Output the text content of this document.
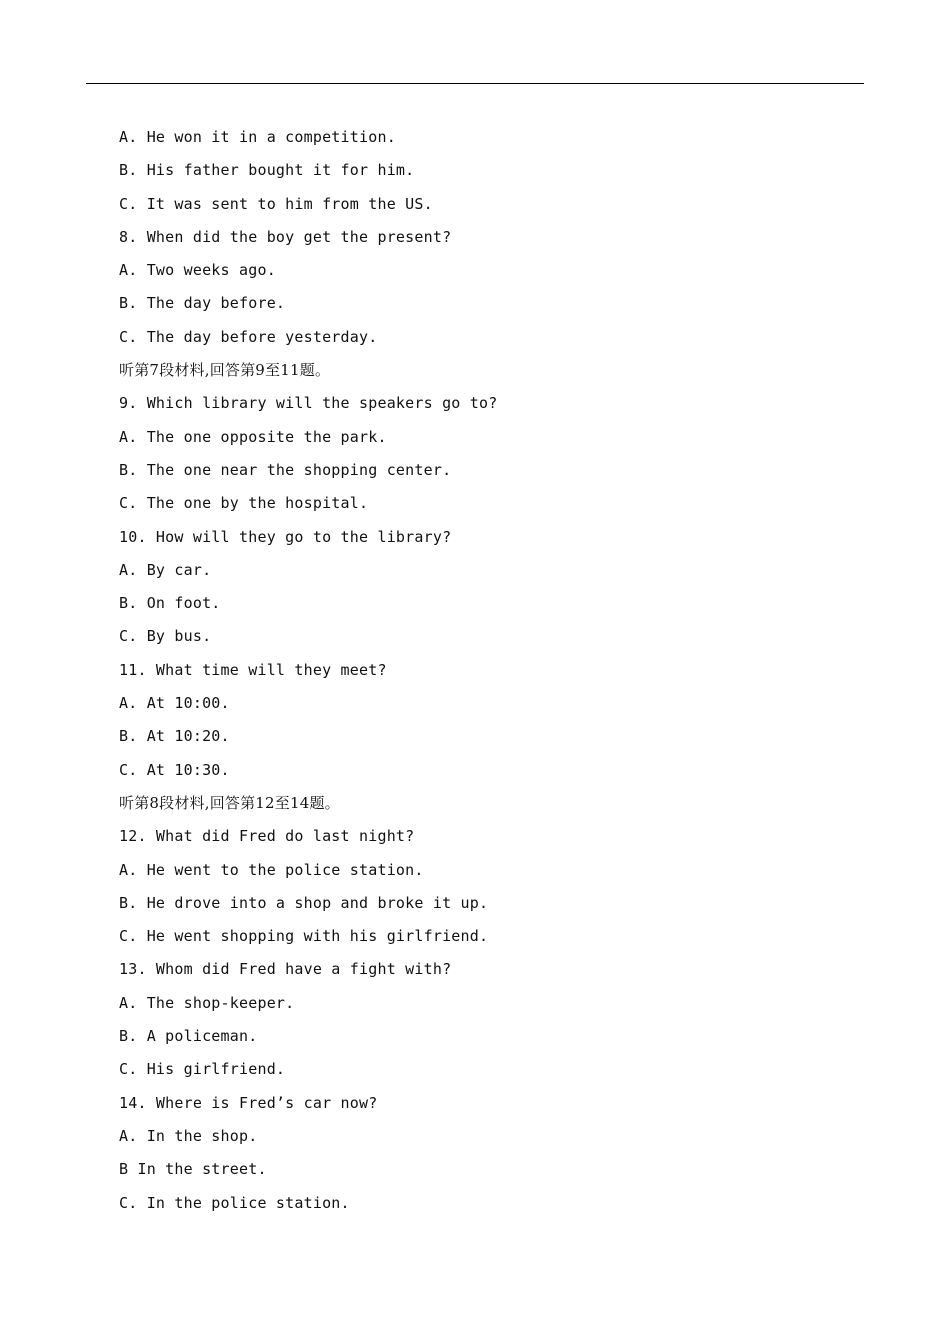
A. He won it in a competition.
B. His father bought it for him.
C. It was sent to him from the US.
8. When did the boy get the present?
A. Two weeks ago.
B. The day before.
C. The day before yesterday.
听第7段材料,回答第9至11题。
9. Which library will the speakers go to?
A. The one opposite the park.
B. The one near the shopping center.
C. The one by the hospital.
10. How will they go to the library?
A. By car.
B. On foot.
C. By bus.
11. What time will they meet?
A. At 10:00.
B. At 10:20.
C. At 10:30.
听第8段材料,回答第12至14题。
12. What did Fred do last night?
A. He went to the police station.
B. He drove into a shop and broke it up.
C. He went shopping with his girlfriend.
13. Whom did Fred have a fight with?
A. The shop-keeper.
B. A policeman.
C. His girlfriend.
14. Where is Fred’s car now?
A. In the shop.
B In the street.
C. In the police station.
